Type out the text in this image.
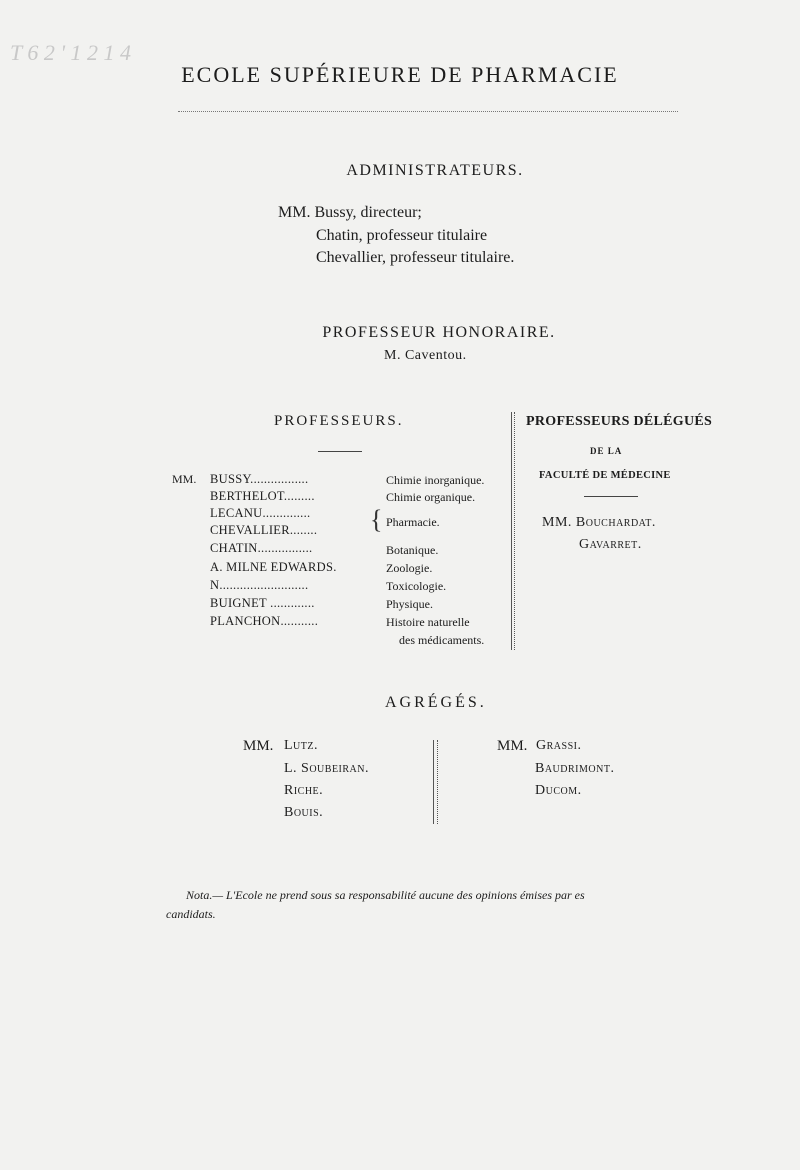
T 6 2 ' 1 2 1 4
ECOLE SUPÉRIEURE DE PHARMACIE
ADMINISTRATEURS.
MM. Bussy, directeur;
Chatin, professeur titulaire
Chevallier, professeur titulaire.
PROFESSEUR HONORAIRE.
M. Caventou.
PROFESSEURS.
MM. BUSSY.................	Chimie inorganique.
BERTHELOT.........	Chimie organique.
LECANU..............
CHEVALLIER........ { Pharmacie.
CHATIN................	Botanique.
A. MILNE EDWARDS.	Zoologie.
N..........................	Toxicologie.
BUIGNET .............	Physique.
PLANCHON...........	Histoire naturelle
des médicaments.
PROFESSEURS DÉLÉGUÉS
DE LA
FACULTÉ DE MÉDECINE
MM. Bouchardat.
Gavarret.
AGRÉGÉS.
MM. Lutz.
L. Soubeiran.
Riche.
Bouis.
MM. Grassi.
Baudrimont.
Ducom.
Nota.— L'Ecole ne prend sous sa responsabilité aucune des opinions émises par es
candidats.
